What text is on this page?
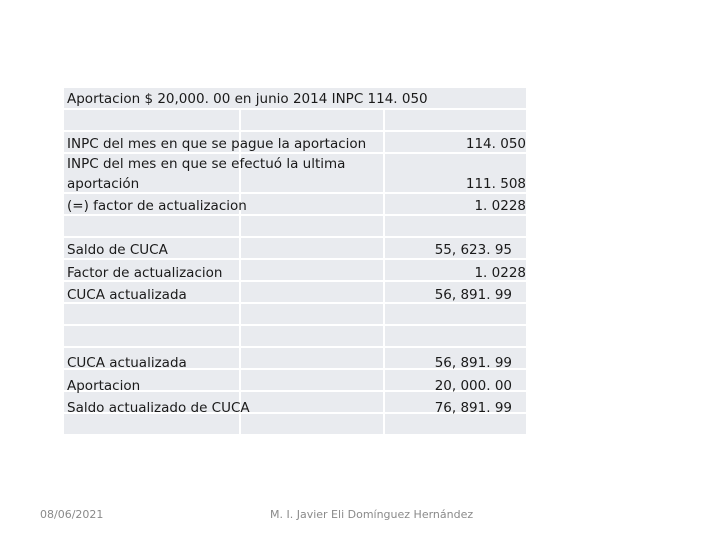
Aportacion $ 20,000. 00 en junio 2014 INPC 114. 050
INPC del mes en que se pague la aportacion
INPC del mes en que se efectuó la ultima
aportación
(=) factor de actualizacion
114. 050
111. 508
1. 0228
Saldo de CUCA
Factor de actualizacion
CUCA actualizada
55, 623. 95
1. 0228
56, 891. 99
CUCA actualizada
Aportacion
Saldo actualizado de CUCA
56, 891. 99
20, 000. 00
76, 891. 99
08/06/2021	M. I. Javier Eli Domínguez Hernández
